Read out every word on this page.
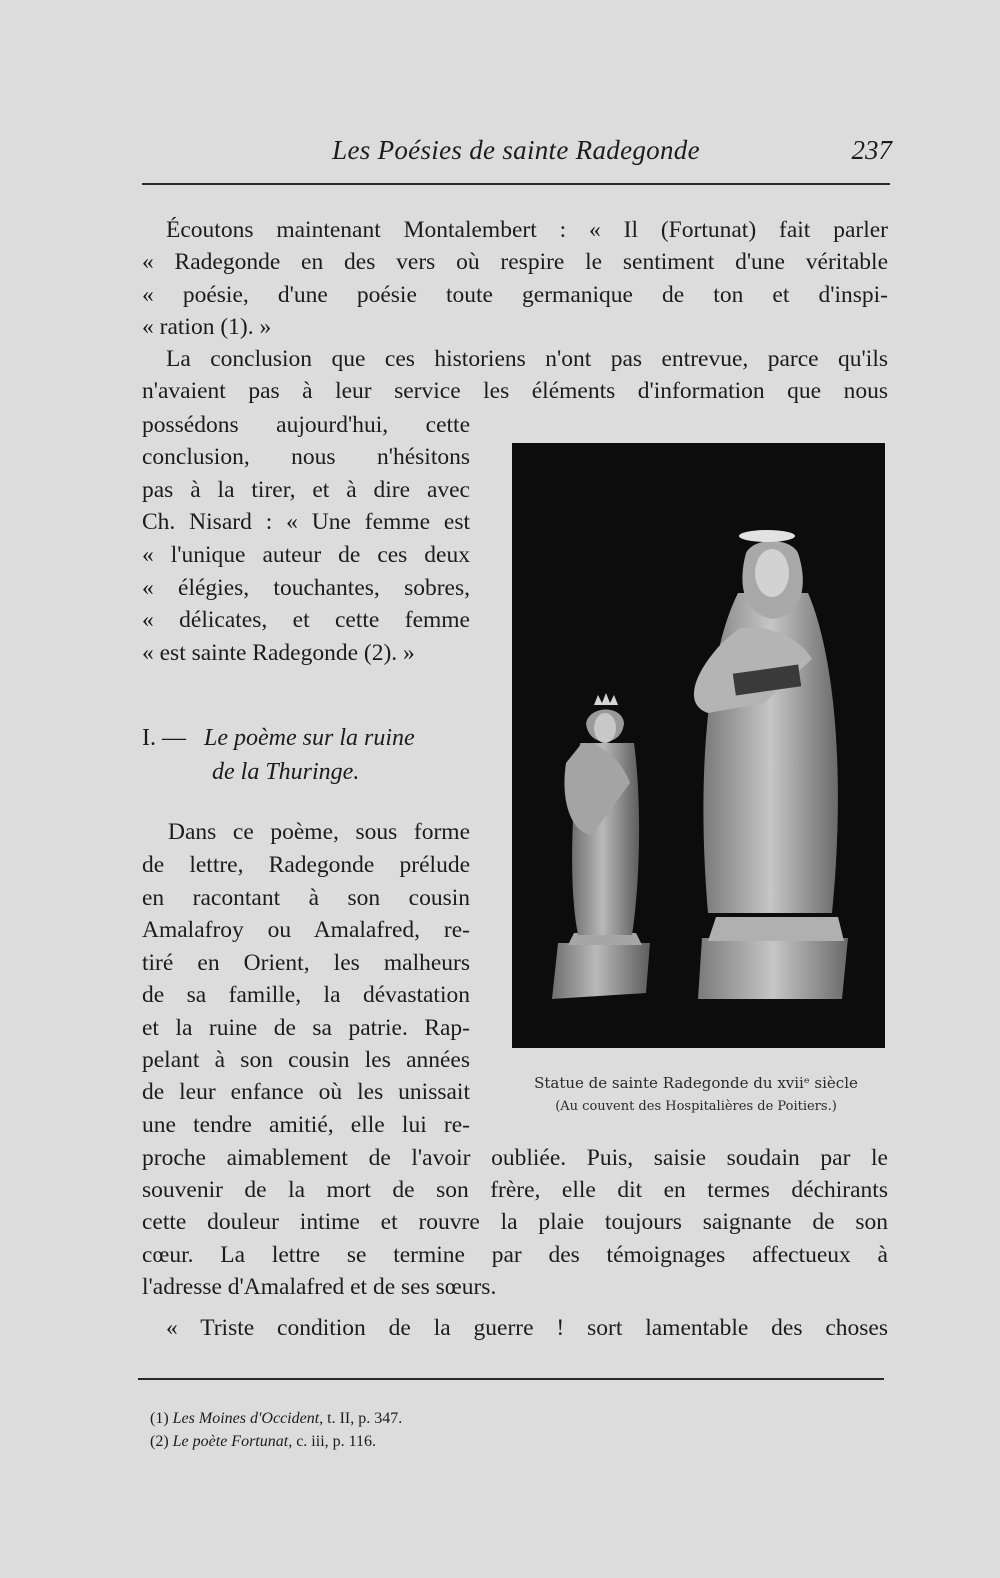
Les Poésies de sainte Radegonde	237
Écoutons maintenant Montalembert : « Il (Fortunat) fait parler
« Radegonde en des vers où respire le sentiment d'une véritable
« poésie, d'une poésie toute germanique de ton et d'inspi-
« ration (1). »
La conclusion que ces historiens n'ont pas entrevue, parce qu'ils
n'avaient pas à leur service les éléments d'information que nous
possédons aujourd'hui, cette
conclusion, nous n'hésitons
pas à la tirer, et à dire avec
Ch. Nisard : « Une femme est
« l'unique auteur de ces deux
« élégies, touchantes, sobres,
« délicates, et cette femme
« est sainte Radegonde (2). »
I. — Le poème sur la ruine
de la Thuringe.
Dans ce poème, sous forme
de lettre, Radegonde prélude
en racontant à son cousin
Amalafroy ou Amalafred, re-
tiré en Orient, les malheurs
de sa famille, la dévastation
et la ruine de sa patrie. Rap-
pelant à son cousin les années
de leur enfance où les unissait
une tendre amitié, elle lui re-
proche aimablement de l'avoir oubliée. Puis, saisie soudain par le
souvenir de la mort de son frère, elle dit en termes déchirants
cette douleur intime et rouvre la plaie toujours saignante de son
cœur. La lettre se termine par des témoignages affectueux à
l'adresse d'Amalafred et de ses sœurs.
« Triste condition de la guerre ! sort lamentable des choses
Statue de sainte Radegonde du xviiᵉ siècle
(Au couvent des Hospitalières de Poitiers.)
(1) Les Moines d'Occident, t. II, p. 347.
(2) Le poète Fortunat, c. iii, p. 116.
